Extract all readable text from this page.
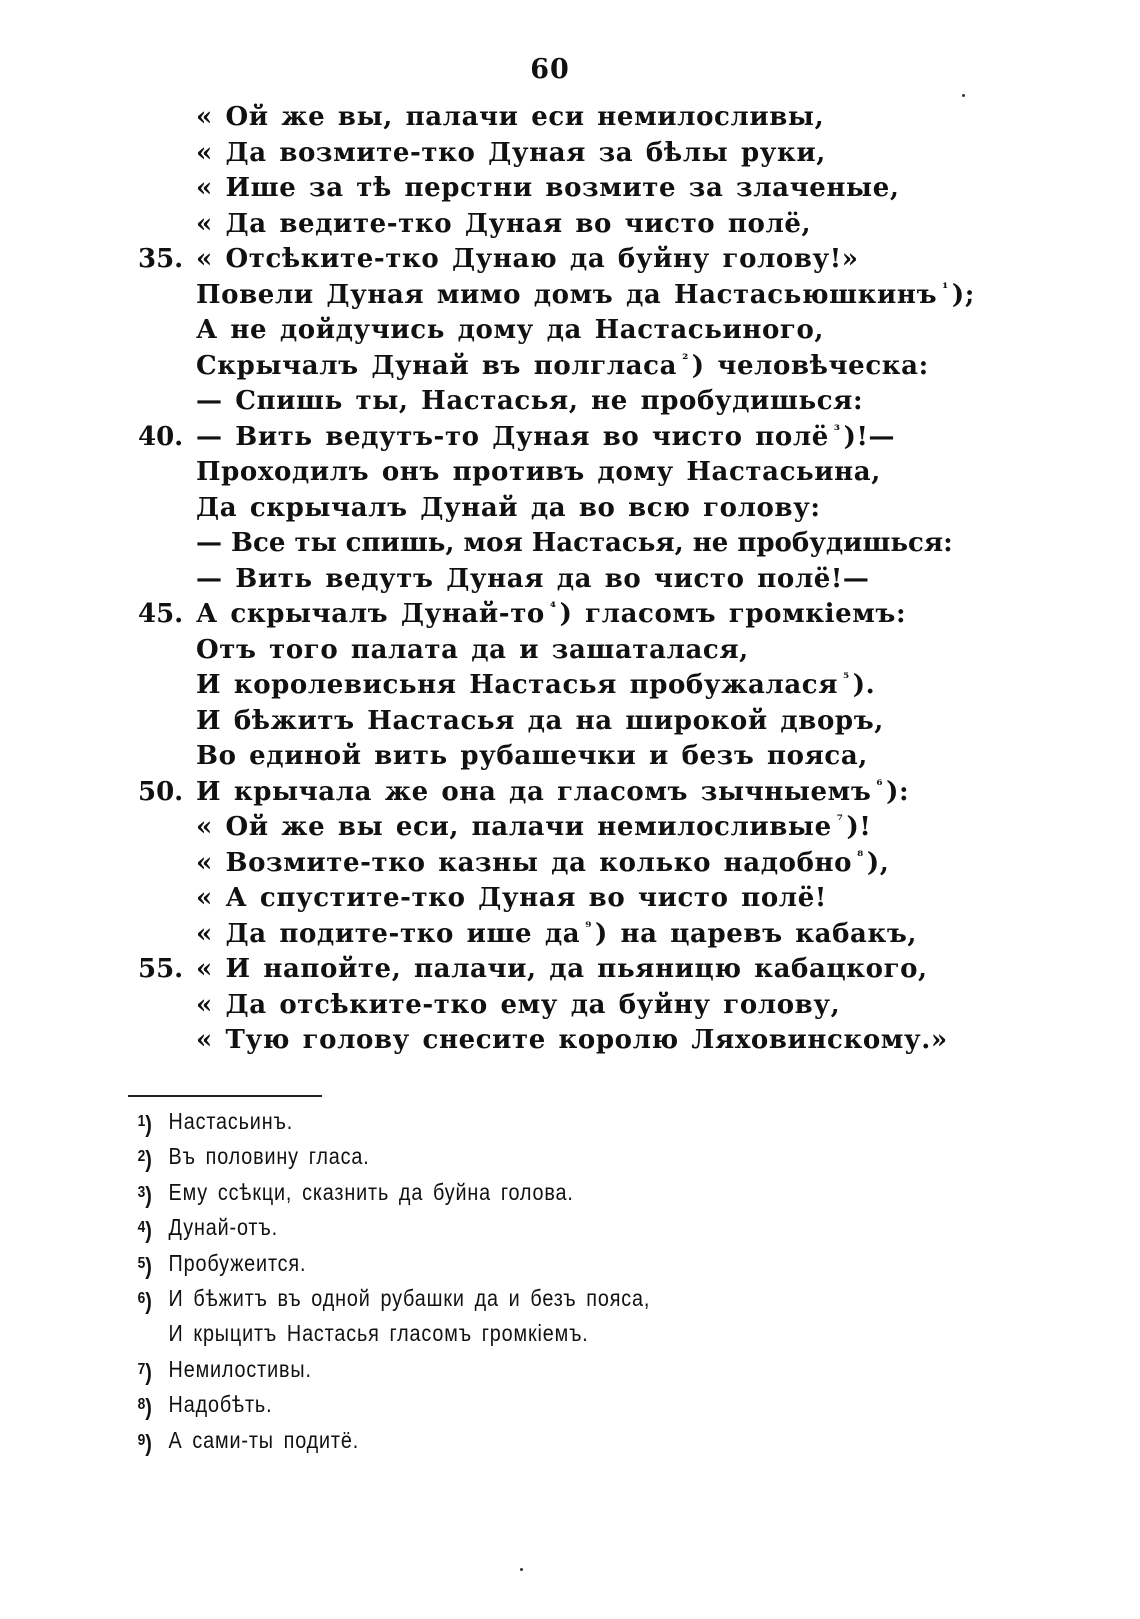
60
« Ой же вы, палачи еси немилосливы,
« Да возмите-тко Дуная за бѣлы руки,
« Ише за тѣ перстни возмите за злаченые,
« Да ведите-тко Дуная во чисто полё,
35. « Отсѣките-тко Дунаю да буйну голову!»
Повели Дуная мимо домъ да Настасьюшкинъ $^{^1}$ );
А не дойдучись дому да Настасьиного,
Скрычалъ Дунай въ полгласа $^{^2}$ ) человѣческа:
— Спишь ты, Настасья, не пробудишься:
40. — Вить ведутъ-то Дуная во чисто полё $^{^3}$ )!—
Проходилъ онъ противъ дому Настасьина,
Да скрычалъ Дунай да во всю голову:
— Все ты спишь, моя Настасья, не пробудишься:
— Вить ведутъ Дуная да во чисто полё!—
45. А скрычалъ Дунай-то $^{^4}$ ) гласомъ громкіемъ:
Отъ того палата да и зашаталася,
И королевисьня Настасья пробужалася $^{^5}$ ).
И бѣжитъ Настасья да на широкой дворъ,
Во единой вить рубашечки и безъ пояса,
50. И крычала же она да гласомъ зычныемъ $^{^6}$ ):
« Ой же вы еси, палачи немилосливые $^{^7}$ )!
« Возмите-тко казны да колько надобно $^{^8}$ ),
« А спустите-тко Дуная во чисто полё!
« Да подите-тко ише да $^{^9}$ ) на царевъ кабакъ,
55. « И напойте, палачи, да пьяницю кабацкого,
« Да отсѣките-тко ему да буйну голову,
« Тую голову снесите королю Ляховинскому.»
$^1$) Настасьинъ.
$^2$) Въ половину гласа.
$^3$) Ему ссѣкци, сказнить да буйна голова.
$^4$) Дунай-отъ.
$^5$) Пробужеится.
$^6$) И бѣжитъ въ одной рубашки да и безъ пояса,
И крыцитъ Настасья гласомъ громкіемъ.
$^7$) Немилостивы.
$^8$) Надобѣть.
$^9$) А сами-ты подитё.
